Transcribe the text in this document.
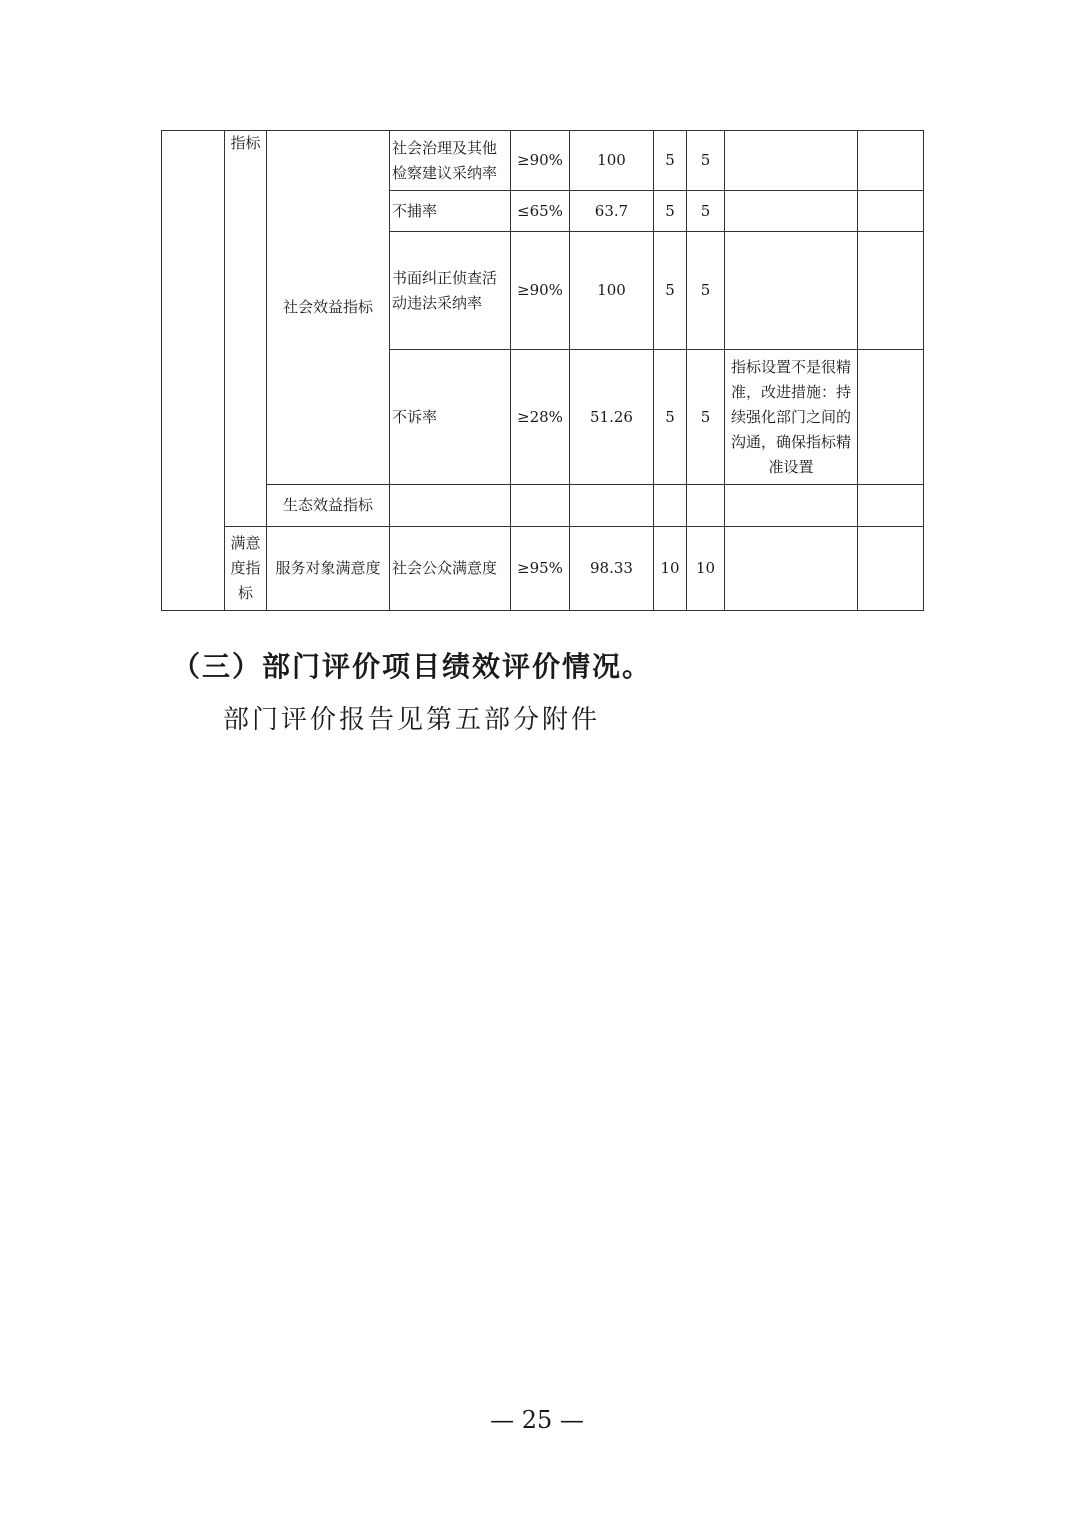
	指标	社会效益指标	社会治理及其他检察建议采纳率	≥90%	100	5	5		
			不捕率	≤65%	63.7	5	5		
			书面纠正侦查活动违法采纳率	≥90%	100	5	5		
			不诉率	≥28%	51.26	5	5	指标设置不是很精准，改进措施：持续强化部门之间的沟通，确保指标精准设置	
		生态效益指标							
	满意度指标	服务对象满意度	社会公众满意度	≥95%	98.33	10	10		

（三）部门评价项目绩效评价情况。

部门评价报告见第五部分附件

— 25 —
